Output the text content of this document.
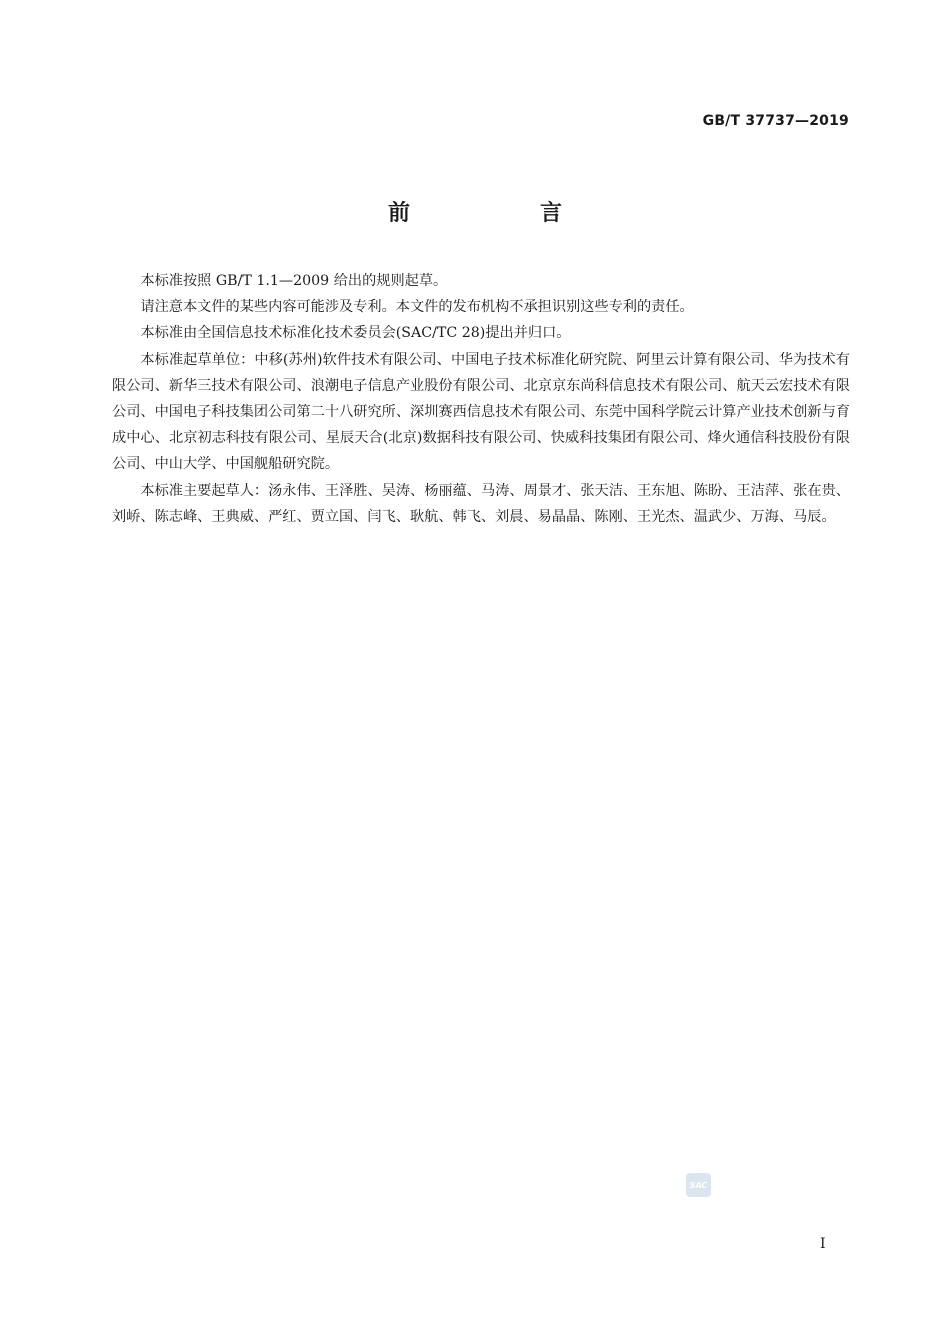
GB/T 37737—2019
前　言

本标准按照 GB/T 1.1—2009 给出的规则起草。

请注意本文件的某些内容可能涉及专利。本文件的发布机构不承担识别这些专利的责任。

本标准由全国信息技术标准化技术委员会(SAC/TC 28)提出并归口。

本标准起草单位：中移(苏州)软件技术有限公司、中国电子技术标准化研究院、阿里云计算有限公司、华为技术有限公司、新华三技术有限公司、浪潮电子信息产业股份有限公司、北京京东尚科信息技术有限公司、航天云宏技术有限公司、中国电子科技集团公司第二十八研究所、深圳赛西信息技术有限公司、东莞中国科学院云计算产业技术创新与育成中心、北京初志科技有限公司、星辰天合(北京)数据科技有限公司、快威科技集团有限公司、烽火通信科技股份有限公司、中山大学、中国舰船研究院。

本标准主要起草人：汤永伟、王泽胜、吴涛、杨丽蕴、马涛、周景才、张天洁、王东旭、陈盼、王洁萍、张在贵、刘峤、陈志峰、王典威、严红、贾立国、闫飞、耿航、韩飞、刘晨、易晶晶、陈刚、王光杰、温武少、万海、马辰。

SAC
I
